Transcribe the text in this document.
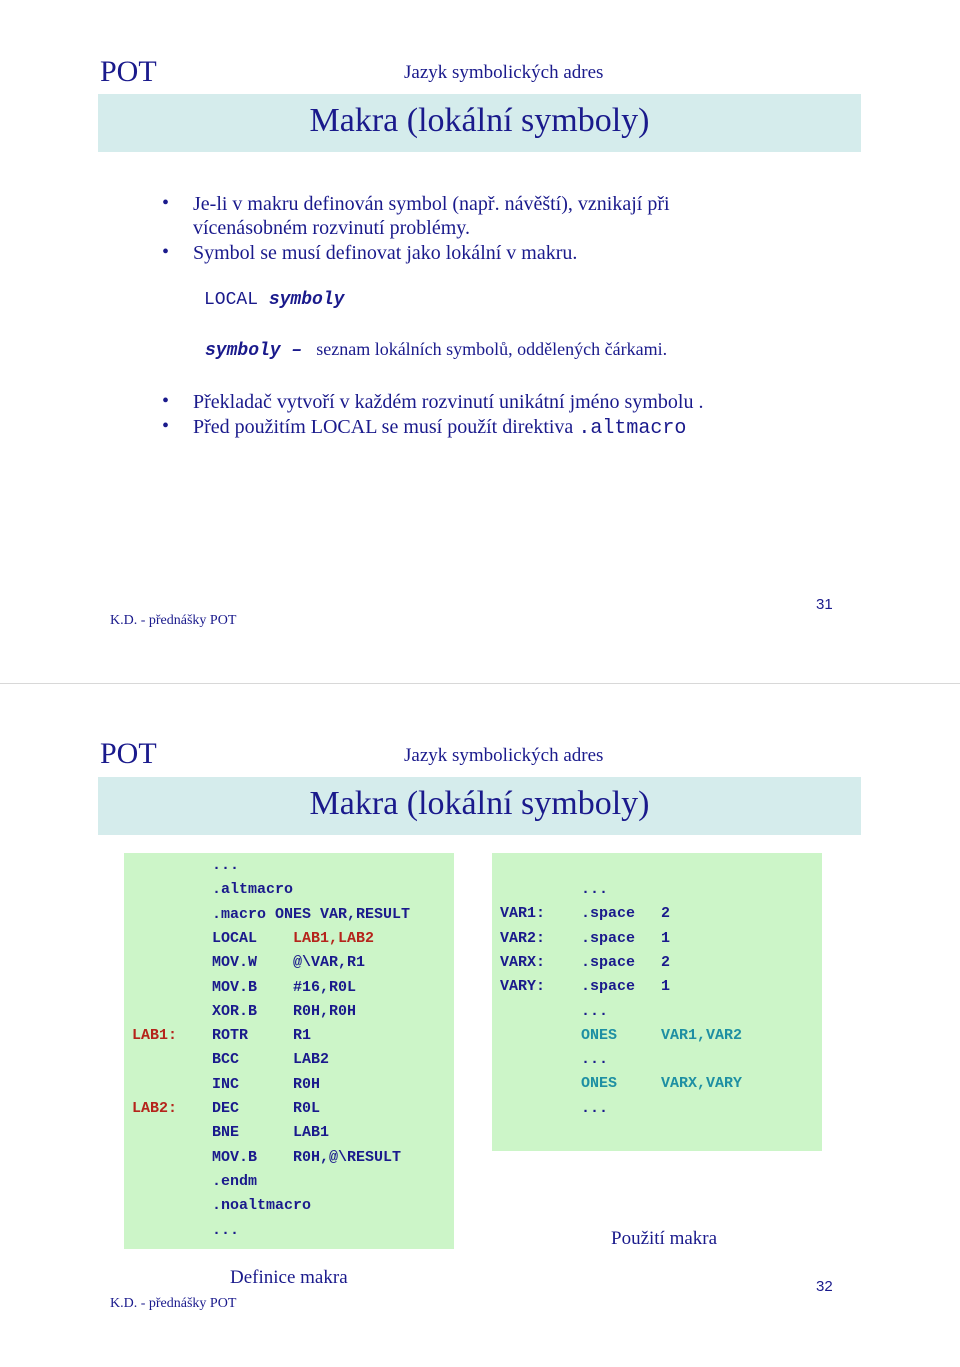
POT	Jazyk symbolických adres
Makra (lokální symboly)
• Je-li v makru definován symbol (např. návěští), vznikají při
vícenásobném rozvinutí problémy.
• Symbol se musí definovat jako lokální v makru.
LOCAL symboly
symboly – seznam lokálních symbolů, oddělených čárkami.
• Překladač vytvoří v každém rozvinutí unikátní jméno symbolu .
• Před použitím LOCAL se musí použít direktiva .altmacro
K.D. - přednášky POT
31
POT	Jazyk symbolických adres
Makra (lokální symboly)
...
.altmacro
.macro ONES VAR,RESULT
LOCAL LAB1,LAB2
MOV.W @\VAR,R1
MOV.B #16,R0L
XOR.B R0H,R0H
LAB1: ROTR	R1
BCC	LAB2
INC	R0H
LAB2: DEC	R0L
BNE	LAB1
MOV.B R0H,@\RESULT
.endm
.noaltmacro
...
Definice makra
...
VAR1: .space 2
VAR2: .space 1
VARX: .space 2
VARY: .space 1
...
ONES	VAR1,VAR2
...
ONES	VARX,VARY
...
Použití makra
K.D. - přednášky POT
32
